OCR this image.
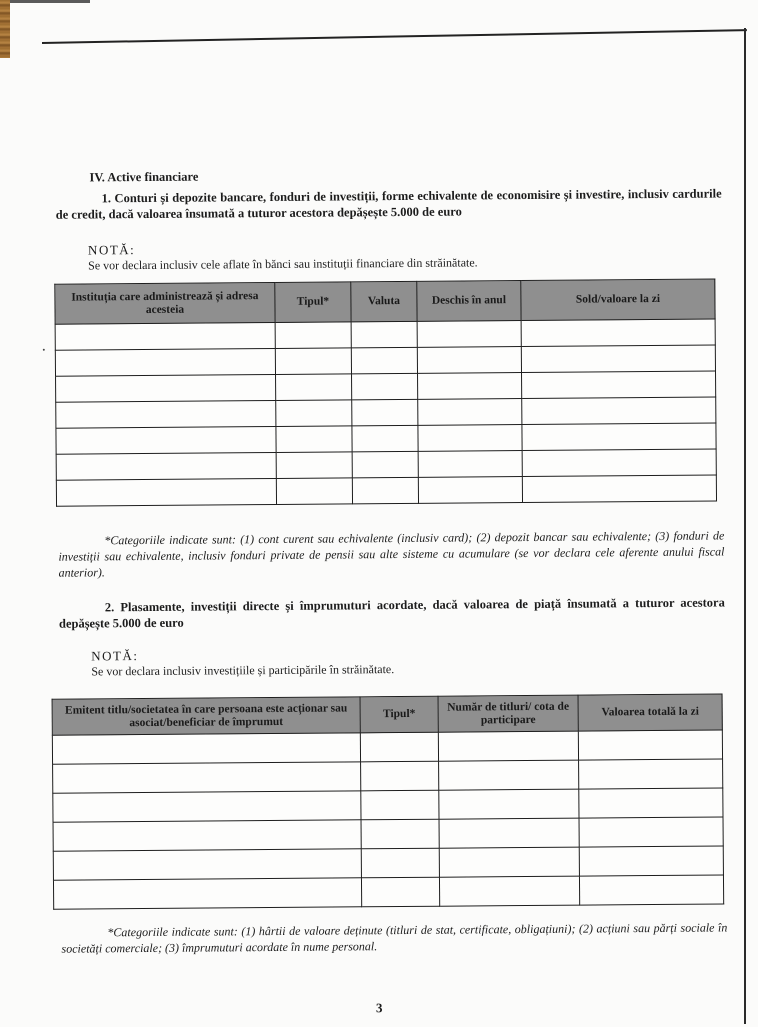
IV. Active financiare
1. Conturi și depozite bancare, fonduri de investiții, forme echivalente de economisire și investire, inclusiv cardurile de credit, dacă valoarea însumată a tuturor acestora depășește 5.000 de euro
NOTĂ:
Se vor declara inclusiv cele aflate în bănci sau instituții financiare din străinătate.
Instituția care administrează și adresa acesteia	Tipul*	Valuta	Deschis în anul	Sold/valoare la zi

*Categoriile indicate sunt: (1) cont curent sau echivalente (inclusiv card); (2) depozit bancar sau echivalente; (3) fonduri de investiții sau echivalente, inclusiv fonduri private de pensii sau alte sisteme cu acumulare (se vor declara cele aferente anului fiscal anterior).
2. Plasamente, investiții directe și împrumuturi acordate, dacă valoarea de piață însumată a tuturor acestora depășește 5.000 de euro
NOTĂ:
Se vor declara inclusiv investițiile și participările în străinătate.
Emitent titlu/societatea în care persoana este acționar sau asociat/beneficiar de împrumut	Tipul*	Număr de titluri/ cota de participare	Valoarea totală la zi

*Categoriile indicate sunt: (1) hârtii de valoare deținute (titluri de stat, certificate, obligațiuni); (2) acțiuni sau părți sociale în societăți comerciale; (3) împrumuturi acordate în nume personal.
3
